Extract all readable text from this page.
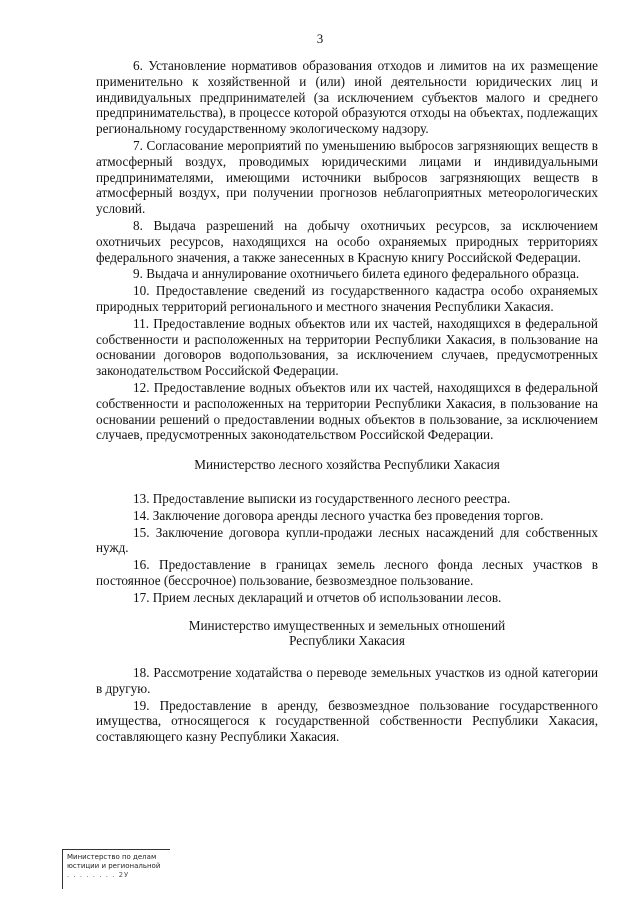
3

6. Установление нормативов образования отходов и лимитов на их размещение применительно к хозяйственной и (или) иной деятельности юридических лиц и индивидуальных предпринимателей (за исключением субъектов малого и среднего предпринимательства), в процессе которой образуются отходы на объектах, подлежащих региональному государственному экологическому надзору.

7. Согласование мероприятий по уменьшению выбросов загрязняющих веществ в атмосферный воздух, проводимых юридическими лицами и индивидуальными предпринимателями, имеющими источники выбросов загрязняющих веществ в атмосферный воздух, при получении прогнозов неблагоприятных метеорологических условий.

8. Выдача разрешений на добычу охотничьих ресурсов, за исключением охотничьих ресурсов, находящихся на особо охраняемых природных территориях федерального значения, а также занесенных в Красную книгу Российской Федерации.

9. Выдача и аннулирование охотничьего билета единого федерального образца.

10. Предоставление сведений из государственного кадастра особо охраняемых природных территорий регионального и местного значения Республики Хакасия.

11. Предоставление водных объектов или их частей, находящихся в федеральной собственности и расположенных на территории Республики Хакасия, в пользование на основании договоров водопользования, за исключением случаев, предусмотренных законодательством Российской Федерации.

12. Предоставление водных объектов или их частей, находящихся в федеральной собственности и расположенных на территории Республики Хакасия, в пользование на основании решений о предоставлении водных объектов в пользование, за исключением случаев, предусмотренных законодательством Российской Федерации.

Министерство лесного хозяйства Республики Хакасия

13. Предоставление выписки из государственного лесного реестра.

14. Заключение договора аренды лесного участка без проведения торгов.

15. Заключение договора купли-продажи лесных насаждений для собственных нужд.

16. Предоставление в границах земель лесного фонда лесных участков в постоянное (бессрочное) пользование, безвозмездное пользование.

17. Прием лесных деклараций и отчетов об использовании лесов.

Министерство имущественных и земельных отношений
Республики Хакасия

18. Рассмотрение ходатайства о переводе земельных участков из одной категории в другую.

19. Предоставление в аренду, безвозмездное пользование государственного имущества, относящегося к государственной собственности Республики Хакасия, составляющего казну Республики Хакасия.

Министерство по делам
юстиции и региональной
. . . . . . . . 2У
